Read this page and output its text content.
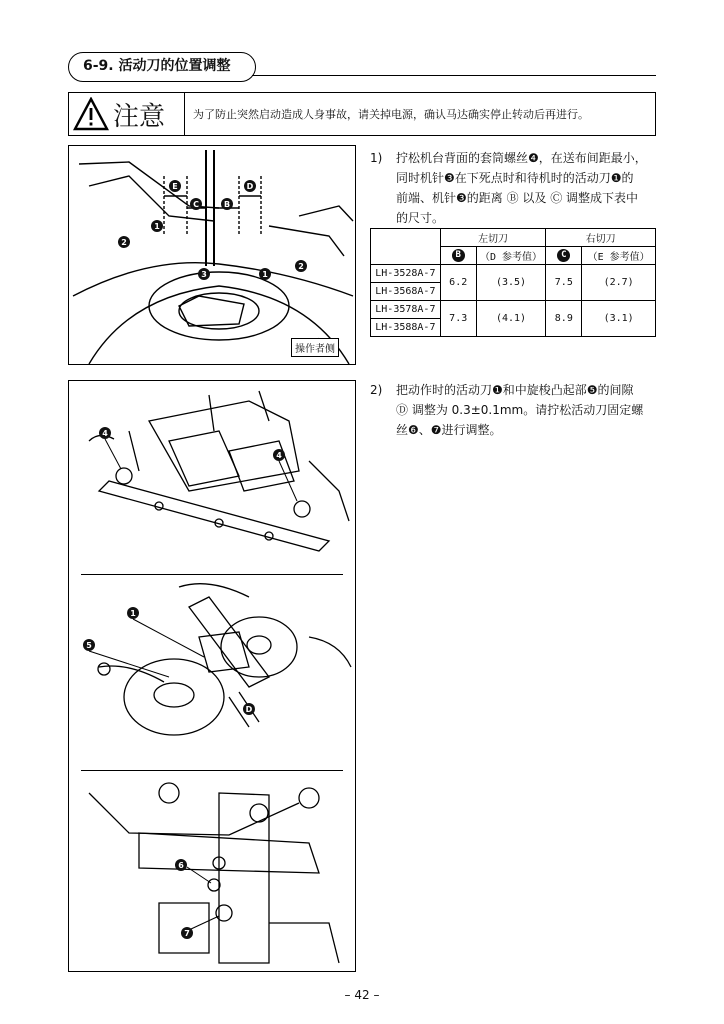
6-9. 活动刀的位置调整
注意	为了防止突然启动造成人身事故，请关掉电源，确认马达确实停止转动后再进行。
E
C	B
D
1
2
3	1
2
操作者侧
1) 拧松机台背面的套筒螺丝❹，在送布间距最小，
同时机针❸在下死点时和待机时的活动刀❶的
前端、机针❸的距离 Ⓑ 以及 Ⓒ 调整成下表中
的尺寸。
	左切刀		右切刀	
	B	（D 参考值）	C	（E 参考值）
LH-3528A-7	6.2	(3.5)	7.5	(2.7)
LH-3568A-7				
LH-3578A-7	7.3	(4.1)	8.9	(3.1)
LH-3588A-7				
4
4
1
5
D
6
7
2) 把动作时的活动刀❶和中旋梭凸起部❺的间隙
Ⓓ 调整为 0.3±0.1mm。请拧松活动刀固定螺
丝❻、❼进行调整。
– 42 –
